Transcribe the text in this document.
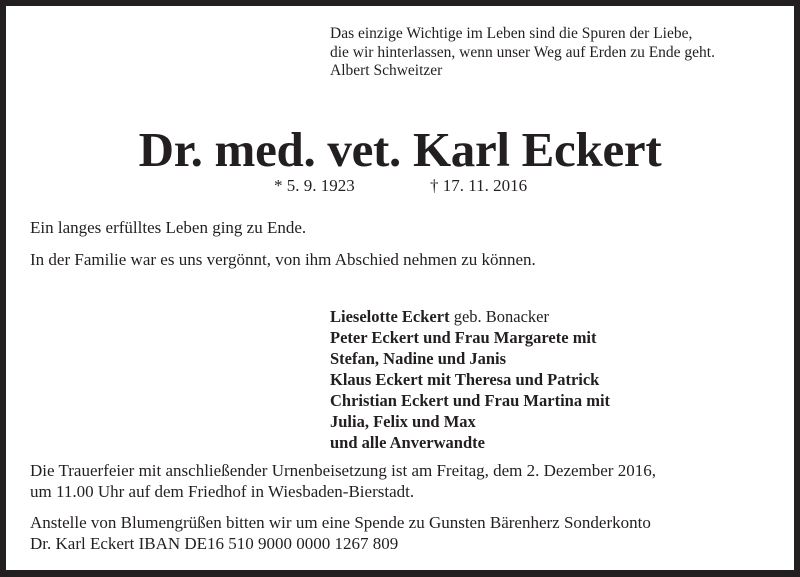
Das einzige Wichtige im Leben sind die Spuren der Liebe,
die wir hinterlassen, wenn unser Weg auf Erden zu Ende geht.
Albert Schweitzer
Dr. med. vet. Karl Eckert
* 5. 9. 1923	† 17. 11. 2016
Ein langes erfülltes Leben ging zu Ende.
In der Familie war es uns vergönnt, von ihm Abschied nehmen zu können.
Lieselotte Eckert geb. Bonacker
Peter Eckert und Frau Margarete mit
Stefan, Nadine und Janis
Klaus Eckert mit Theresa und Patrick
Christian Eckert und Frau Martina mit
Julia, Felix und Max
und alle Anverwandte
Die Trauerfeier mit anschließender Urnenbeisetzung ist am Freitag, dem 2. Dezember 2016,
um 11.00 Uhr auf dem Friedhof in Wiesbaden-Bierstadt.
Anstelle von Blumengrüßen bitten wir um eine Spende zu Gunsten Bärenherz Sonderkonto
Dr. Karl Eckert IBAN DE16 510 9000 0000 1267 809
